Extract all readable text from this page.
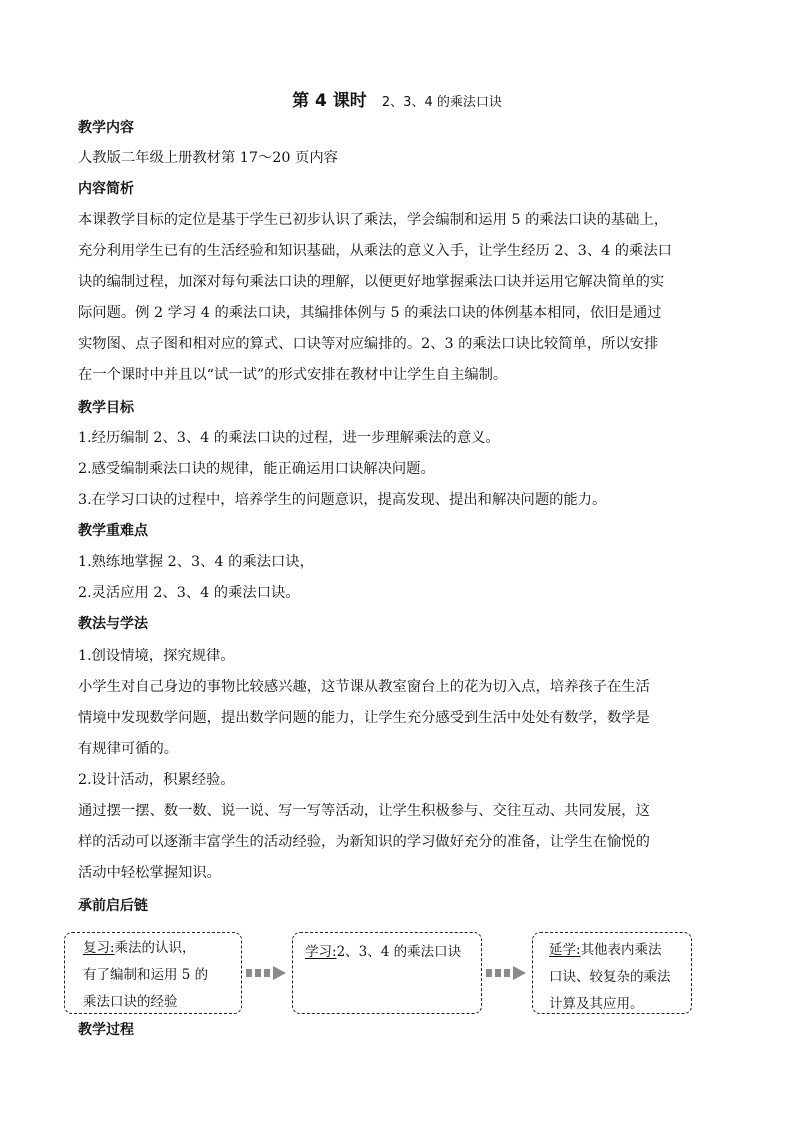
第 4 课时 2、3、4 的乘法口诀
教学内容
人教版二年级上册教材第 17～20 页内容
内容简析
本课教学目标的定位是基于学生已初步认识了乘法，学会编制和运用 5 的乘法口诀的基础上，
充分利用学生已有的生活经验和知识基础，从乘法的意义入手，让学生经历 2、3、4 的乘法口
诀的编制过程，加深对每句乘法口诀的理解，以便更好地掌握乘法口诀并运用它解决简单的实
际问题。例 2 学习 4 的乘法口诀，其编排体例与 5 的乘法口诀的体例基本相同，依旧是通过
实物图、点子图和相对应的算式、口诀等对应编排的。2、3 的乘法口诀比较简单，所以安排
在一个课时中并且以“试一试”的形式安排在教材中让学生自主编制。
教学目标
1.经历编制 2、3、4 的乘法口诀的过程，进一步理解乘法的意义。
2.感受编制乘法口诀的规律，能正确运用口诀解决问题。
3.在学习口诀的过程中，培养学生的问题意识，提高发现、提出和解决问题的能力。
教学重难点
1.熟练地掌握 2、3、4 的乘法口诀，
2.灵活应用 2、3、4 的乘法口诀。
教法与学法
1.创设情境，探究规律。
小学生对自己身边的事物比较感兴趣，这节课从教室窗台上的花为切入点，培养孩子在生活
情境中发现数学问题，提出数学问题的能力，让学生充分感受到生活中处处有数学，数学是
有规律可循的。
2.设计活动，积累经验。
通过摆一摆、数一数、说一说、写一写等活动，让学生积极参与、交往互动、共同发展，这
样的活动可以逐渐丰富学生的活动经验，为新知识的学习做好充分的准备，让学生在愉悦的
活动中轻松掌握知识。
承前启后链
复习:乘法的认识，
有了编制和运用 5 的
乘法口诀的经验
学习:2、3、4 的乘法口诀	延学:其他表内乘法
口诀、较复杂的乘法
计算及其应用。
教学过程
